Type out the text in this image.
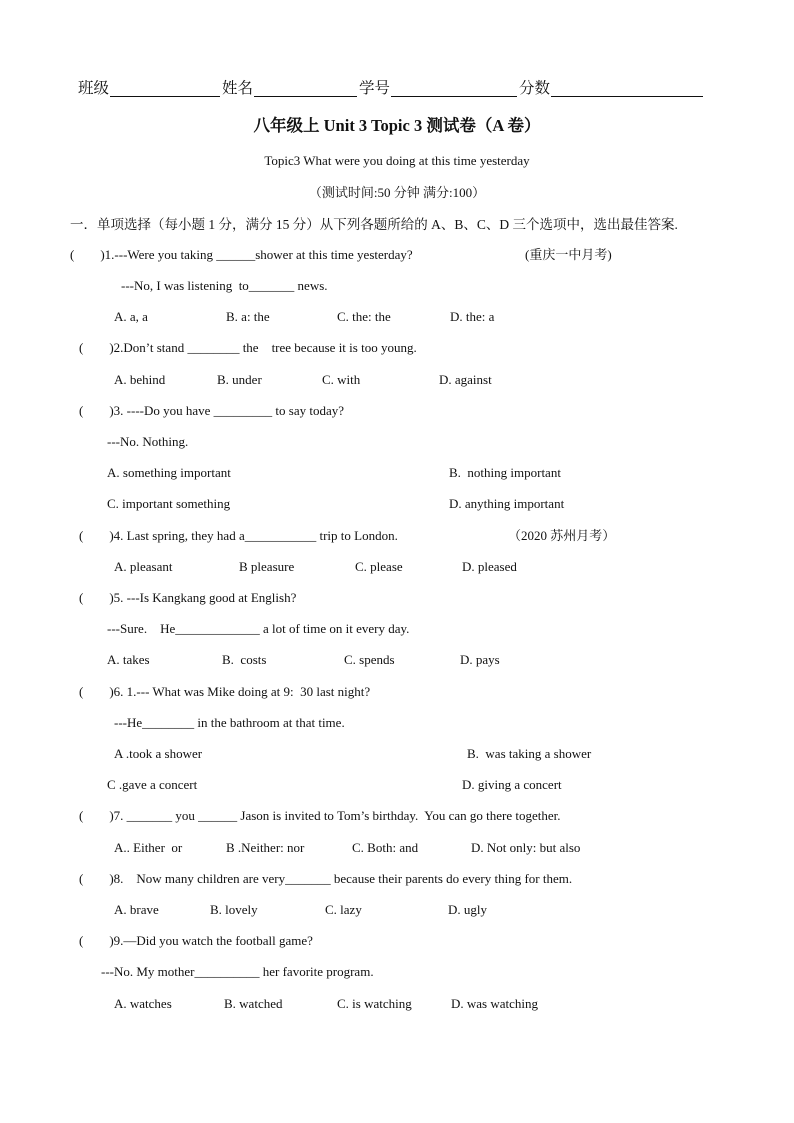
班级	姓名	学号	分数
八年级上 Unit 3 Topic 3 测试卷（A 卷）
Topic3 What were you doing at this time yesterday
（测试时间:50 分钟 满分:100）
一．单项选择（每小题 1 分，满分 15 分）从下列各题所给的 A、B、C、D 三个选项中，选出最佳答案.
(        )1.---Were you taking ______shower at this time yesterday?	(重庆一中月考)
---No, I was listening  to_______ news.
A. a, a	B. a: the	C. the: the	D. the: a
(        )2.Don’t stand ________ the    tree because it is too young.
A. behind	B. under	C. with	D. against
(        )3. ----Do you have _________ to say today?
---No. Nothing.
A. something important	B.  nothing important
C. important something	D. anything important
(        )4. Last spring, they had a___________ trip to London.	（2020 苏州月考）
A. pleasant	B pleasure	C. please	D. pleased
(        )5. ---Is Kangkang good at English?
---Sure.    He_____________ a lot of time on it every day.
A. takes	B.  costs	C. spends	D. pays
(        )6. 1.--- What was Mike doing at 9:  30 last night?
---He________ in the bathroom at that time.
A .took a shower	B.  was taking a shower
C .gave a concert	D. giving a concert
(        )7. _______ you ______ Jason is invited to Tom’s birthday.  You can go there together.
A.. Either  or	B .Neither: nor	C. Both: and	D. Not only: but also
(        )8.    Now many children are very_______ because their parents do every thing for them.
A. brave	B. lovely	C. lazy	D. ugly
(        )9.—Did you watch the football game?
---No. My mother__________ her favorite program.
A. watches	B. watched	C. is watching	D. was watching
